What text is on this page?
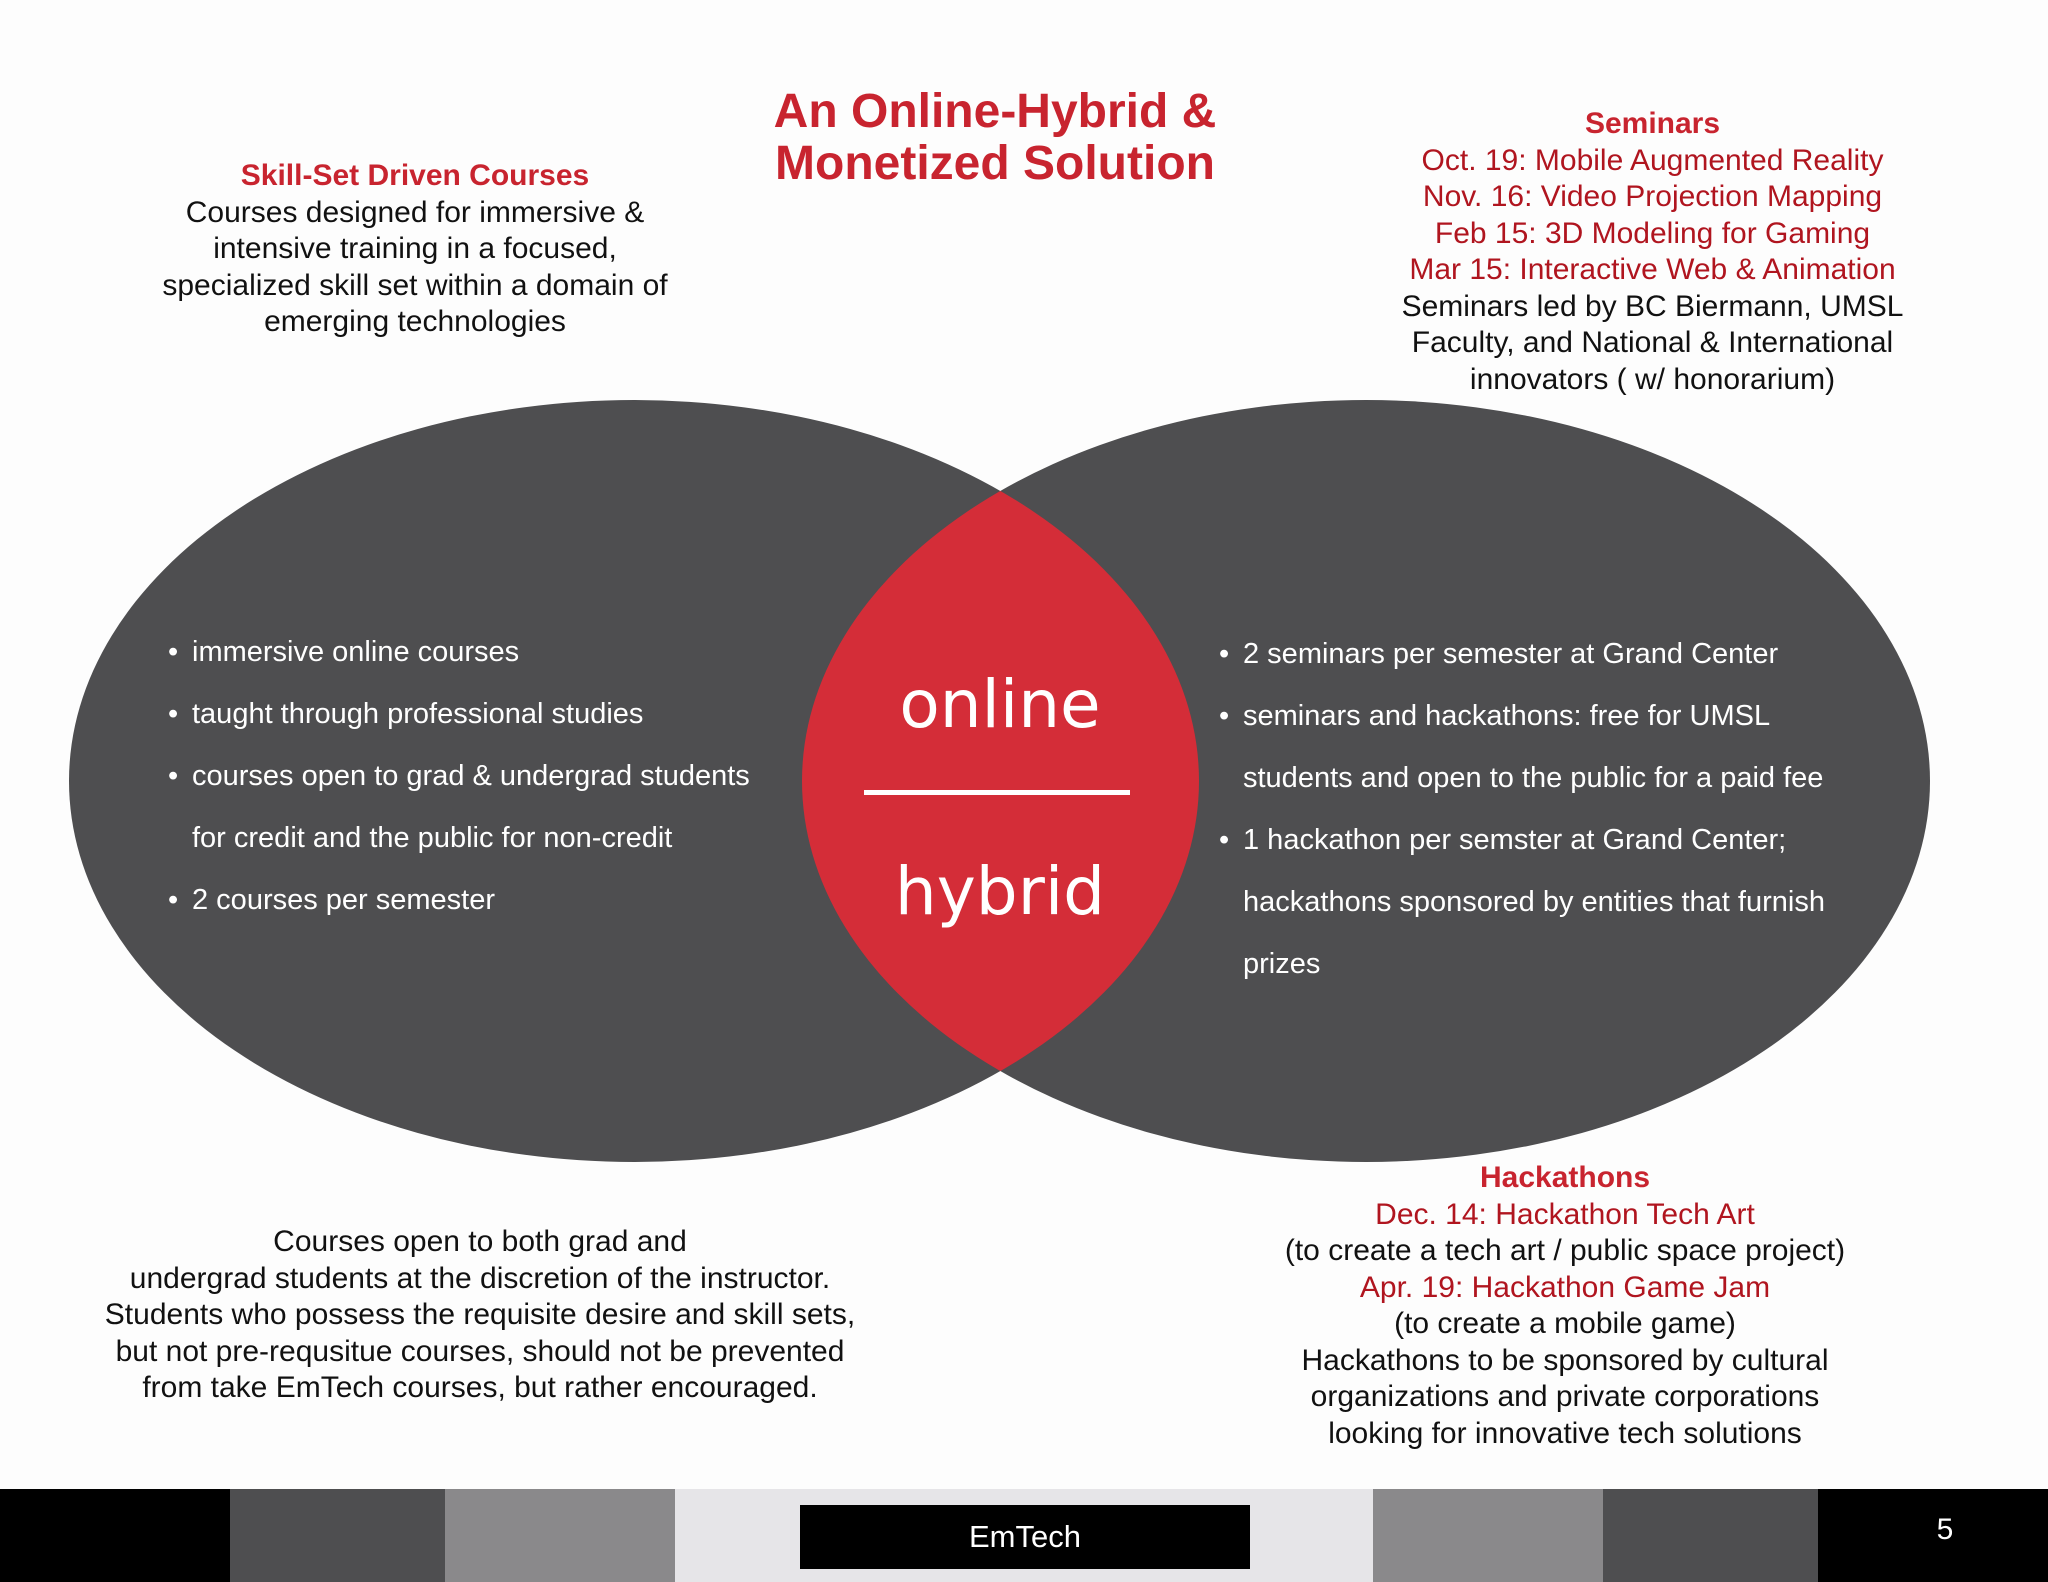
An Online-Hybrid &
Monetized Solution
Skill-Set Driven Courses
Courses designed for immersive &
intensive training in a focused,
specialized skill set within a domain of
emerging technologies
Seminars
Oct. 19: Mobile Augmented Reality
Nov. 16: Video Projection Mapping
Feb 15: 3D Modeling for Gaming
Mar 15: Interactive Web & Animation
Seminars led by BC Biermann, UMSL
Faculty, and National & International
innovators ( w/ honorarium)
• immersive online courses
• taught through professional studies
• courses open to grad & undergrad students
for credit and the public for non-credit
• 2 courses per semester
• 2 seminars per semester at Grand Center
• seminars and hackathons: free for UMSL
students and open to the public for a paid fee
• 1 hackathon per semster at Grand Center;
hackathons sponsored by entities that furnish
prizes
online
hybrid
Hackathons
Dec. 14: Hackathon Tech Art
(to create a tech art / public space project)
Apr. 19: Hackathon Game Jam
(to create a mobile game)
Hackathons to be sponsored by cultural
organizations and private corporations
looking for innovative tech solutions
Courses open to both grad and
undergrad students at the discretion of the instructor.
Students who possess the requisite desire and skill sets,
but not pre-requsitue courses, should not be prevented
from take EmTech courses, but rather encouraged.
EmTech	5
